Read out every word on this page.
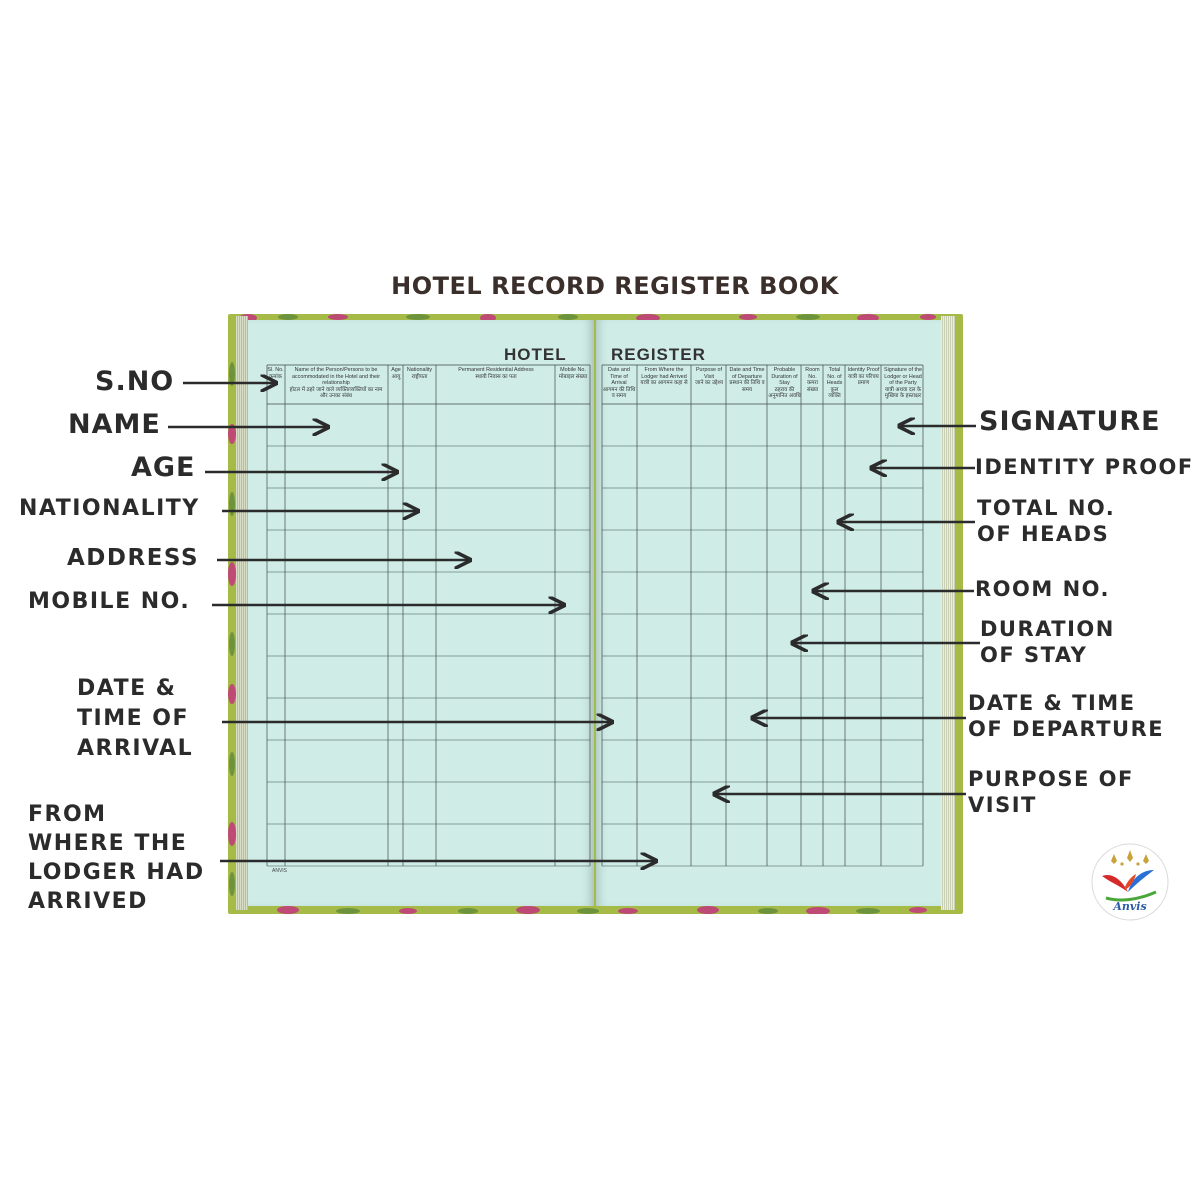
HOTEL RECORD REGISTER BOOK
HOTEL	REGISTER
Sl. No.
क्रमांक
Name of the Person/Persons to be accommodated in the Hotel and their relationship
होटल में ठहरे जाने वाले व्यक्ति/व्यक्तियों का नाम और उनका संबंध
Age
आयु
Nationality
राष्ट्रीयता
Permanent Residential Address
स्थायी निवास का पता
Mobile No.
मोबाइल संख्या
Date and Time of Arrival
आगमन की तिथि व समय
From Where the Lodger had Arrived
यात्री का आगमन कहा से
Purpose of Visit
जाने का उद्देश्य
Date and Time of Departure
प्रस्थान की तिथि व समय
Probable Duration of Stay
ठहराव की अनुमानित अवधि
Room No.
कमरा संख्या
Total No. of Heads
कुल व्यक्ति
Identity Proof
यात्री का परिचय प्रमाण
Signature of the Lodger or Head of the Party
यात्री अथवा दल के मुखिया के हस्ताक्षर
ANVIS
S.NO
NAME
AGE
NATIONALITY
ADDRESS
MOBILE NO.
DATE &
TIME OF
ARRIVAL
FROM
WHERE THE
LODGER HAD
ARRIVED
SIGNATURE
IDENTITY PROOF
TOTAL NO.
OF HEADS
ROOM NO.
DURATION
OF STAY
DATE & TIME
OF DEPARTURE
PURPOSE OF
VISIT
Anvis
